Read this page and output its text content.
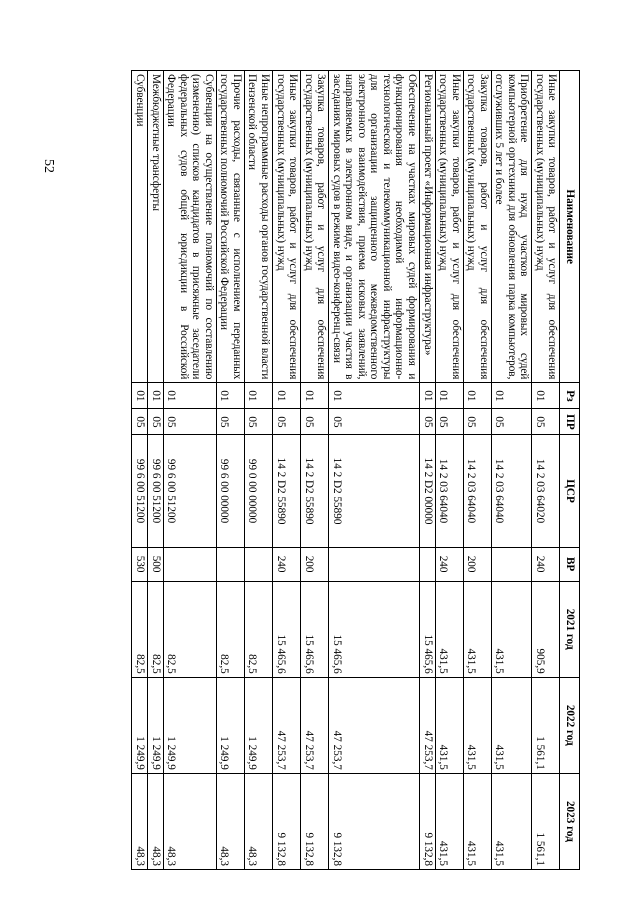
52
Наименование	Рз	ПР	ЦСР	ВР	2021 год	2022 год	2023 год
Иные закупки товаров, работ и услуг для обеспечения государственных (муниципальных) нужд	01	05	14 2 03 64020	240	905,9	1 561,1	1 561,1
Приобретение для нужд участков мировых судей компьютерной оргтехники для обновления парка компьютеров, отслуживших 5 лет и более	01	05	14 2 03 64040		431,5	431,5	431,5
Закупка товаров, работ и услуг для обеспечения государственных (муниципальных) нужд	01	05	14 2 03 64040	200	431,5	431,5	431,5
Иные закупки товаров, работ и услуг для обеспечения государственных (муниципальных) нужд	01	05	14 2 03 64040	240	431,5	431,5	431,5
Региональный проект «Информационная инфраструктура»	01	05	14 2 D2 00000		15 465,6	47 253,7	9 132,8
Обеспечение на участках мировых судей формирования и функционирования необходимой информационно-технологической и телекоммуникационной инфраструктуры для организации защищенного межведомственного электронного взаимодействия, приема исковых заявлений, направляемых в электронном виде, и организации участия в заседаниях мировых судов в режиме видео-конференц-связи	01	05	14 2 D2 55890		15 465,6	47 253,7	9 132,8
Закупка товаров, работ и услуг для обеспечения государственных (муниципальных) нужд	01	05	14 2 D2 55890	200	15 465,6	47 253,7	9 132,8
Иные закупки товаров, работ и услуг для обеспечения государственных (муниципальных) нужд	01	05	14 2 D2 55890	240	15 465,6	47 253,7	9 132,8
Иные непрограммные расходы органов государственной власти Пензенской области	01	05	99 0 00 00000		82,5	1 249,9	48,3
Прочие расходы, связанные с исполнением переданных государственных полномочий Российской Федерации	01	05	99 6 00 00000		82,5	1 249,9	48,3
Субвенции на осуществление полномочий по составлению (изменению) списков кандидатов в присяжные заседатели федеральных судов общей юрисдикции в Российской Федерации	01	05	99 6 00 51200		82,5	1 249,9	48,3
Межбюджетные трансферты	01	05	99 6 00 51200	500	82,5	1 249,9	48,3
Субвенции	01	05	99 6 00 51200	530	82,5	1 249,9	48,3
